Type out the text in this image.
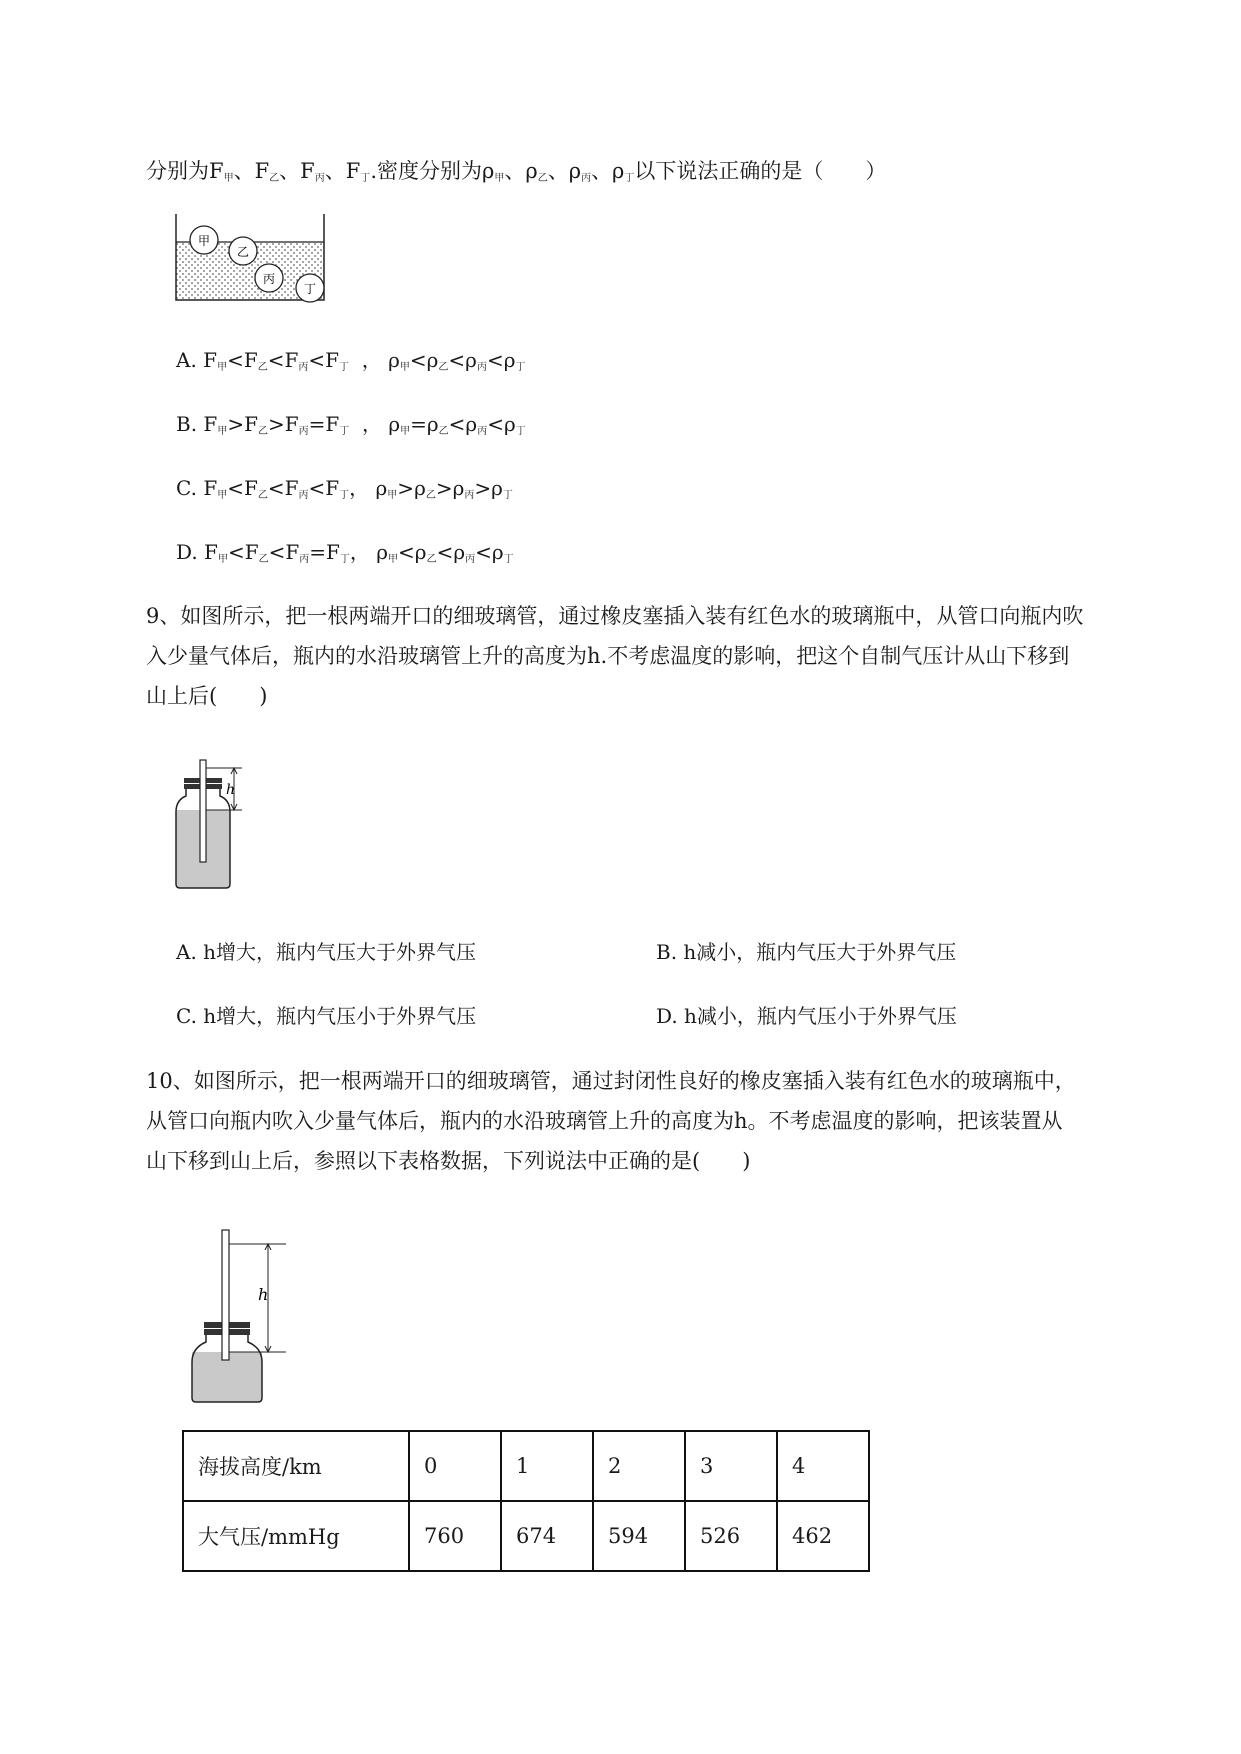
分别为$F_甲$、$F_乙$、$F_丙$、$F_丁$.密度分别为$\rho_甲$、$\rho_乙$、$\rho_丙$、$\rho_丁$以下说法正确的是（　　）
甲
乙
丙
丁
A. $F_甲<F_乙<F_丙<F_丁$ ， $\rho_甲<\rho_乙<\rho_丙<\rho_丁$
B. $F_甲>F_乙>F_丙=F_丁$ ， $\rho_甲=\rho_乙<\rho_丙<\rho_丁$
C. $F_甲<F_乙<F_丙<F_丁$， $\rho_甲>\rho_乙>\rho_丙>\rho_丁$
D. $F_甲<F_乙<F_丙=F_丁$， $\rho_甲<\rho_乙<\rho_丙<\rho_丁$
9、如图所示，把一根两端开口的细玻璃管，通过橡皮塞插入装有红色水的玻璃瓶中，从管口向瓶内吹
入少量气体后，瓶内的水沿玻璃管上升的高度为h.不考虑温度的影响，把这个自制气压计从山下移到
山上后(　　)
h
A. h增大，瓶内气压大于外界气压	B. h减小，瓶内气压大于外界气压
C. h增大，瓶内气压小于外界气压	D. h减小，瓶内气压小于外界气压
10、如图所示，把一根两端开口的细玻璃管，通过封闭性良好的橡皮塞插入装有红色水的玻璃瓶中，
从管口向瓶内吹入少量气体后，瓶内的水沿玻璃管上升的高度为h。不考虑温度的影响，把该装置从
山下移到山上后，参照以下表格数据，下列说法中正确的是(　　)
h
海拔高度/km	0	1	2	3	4
大气压/mmHg	760	674	594	526	462
